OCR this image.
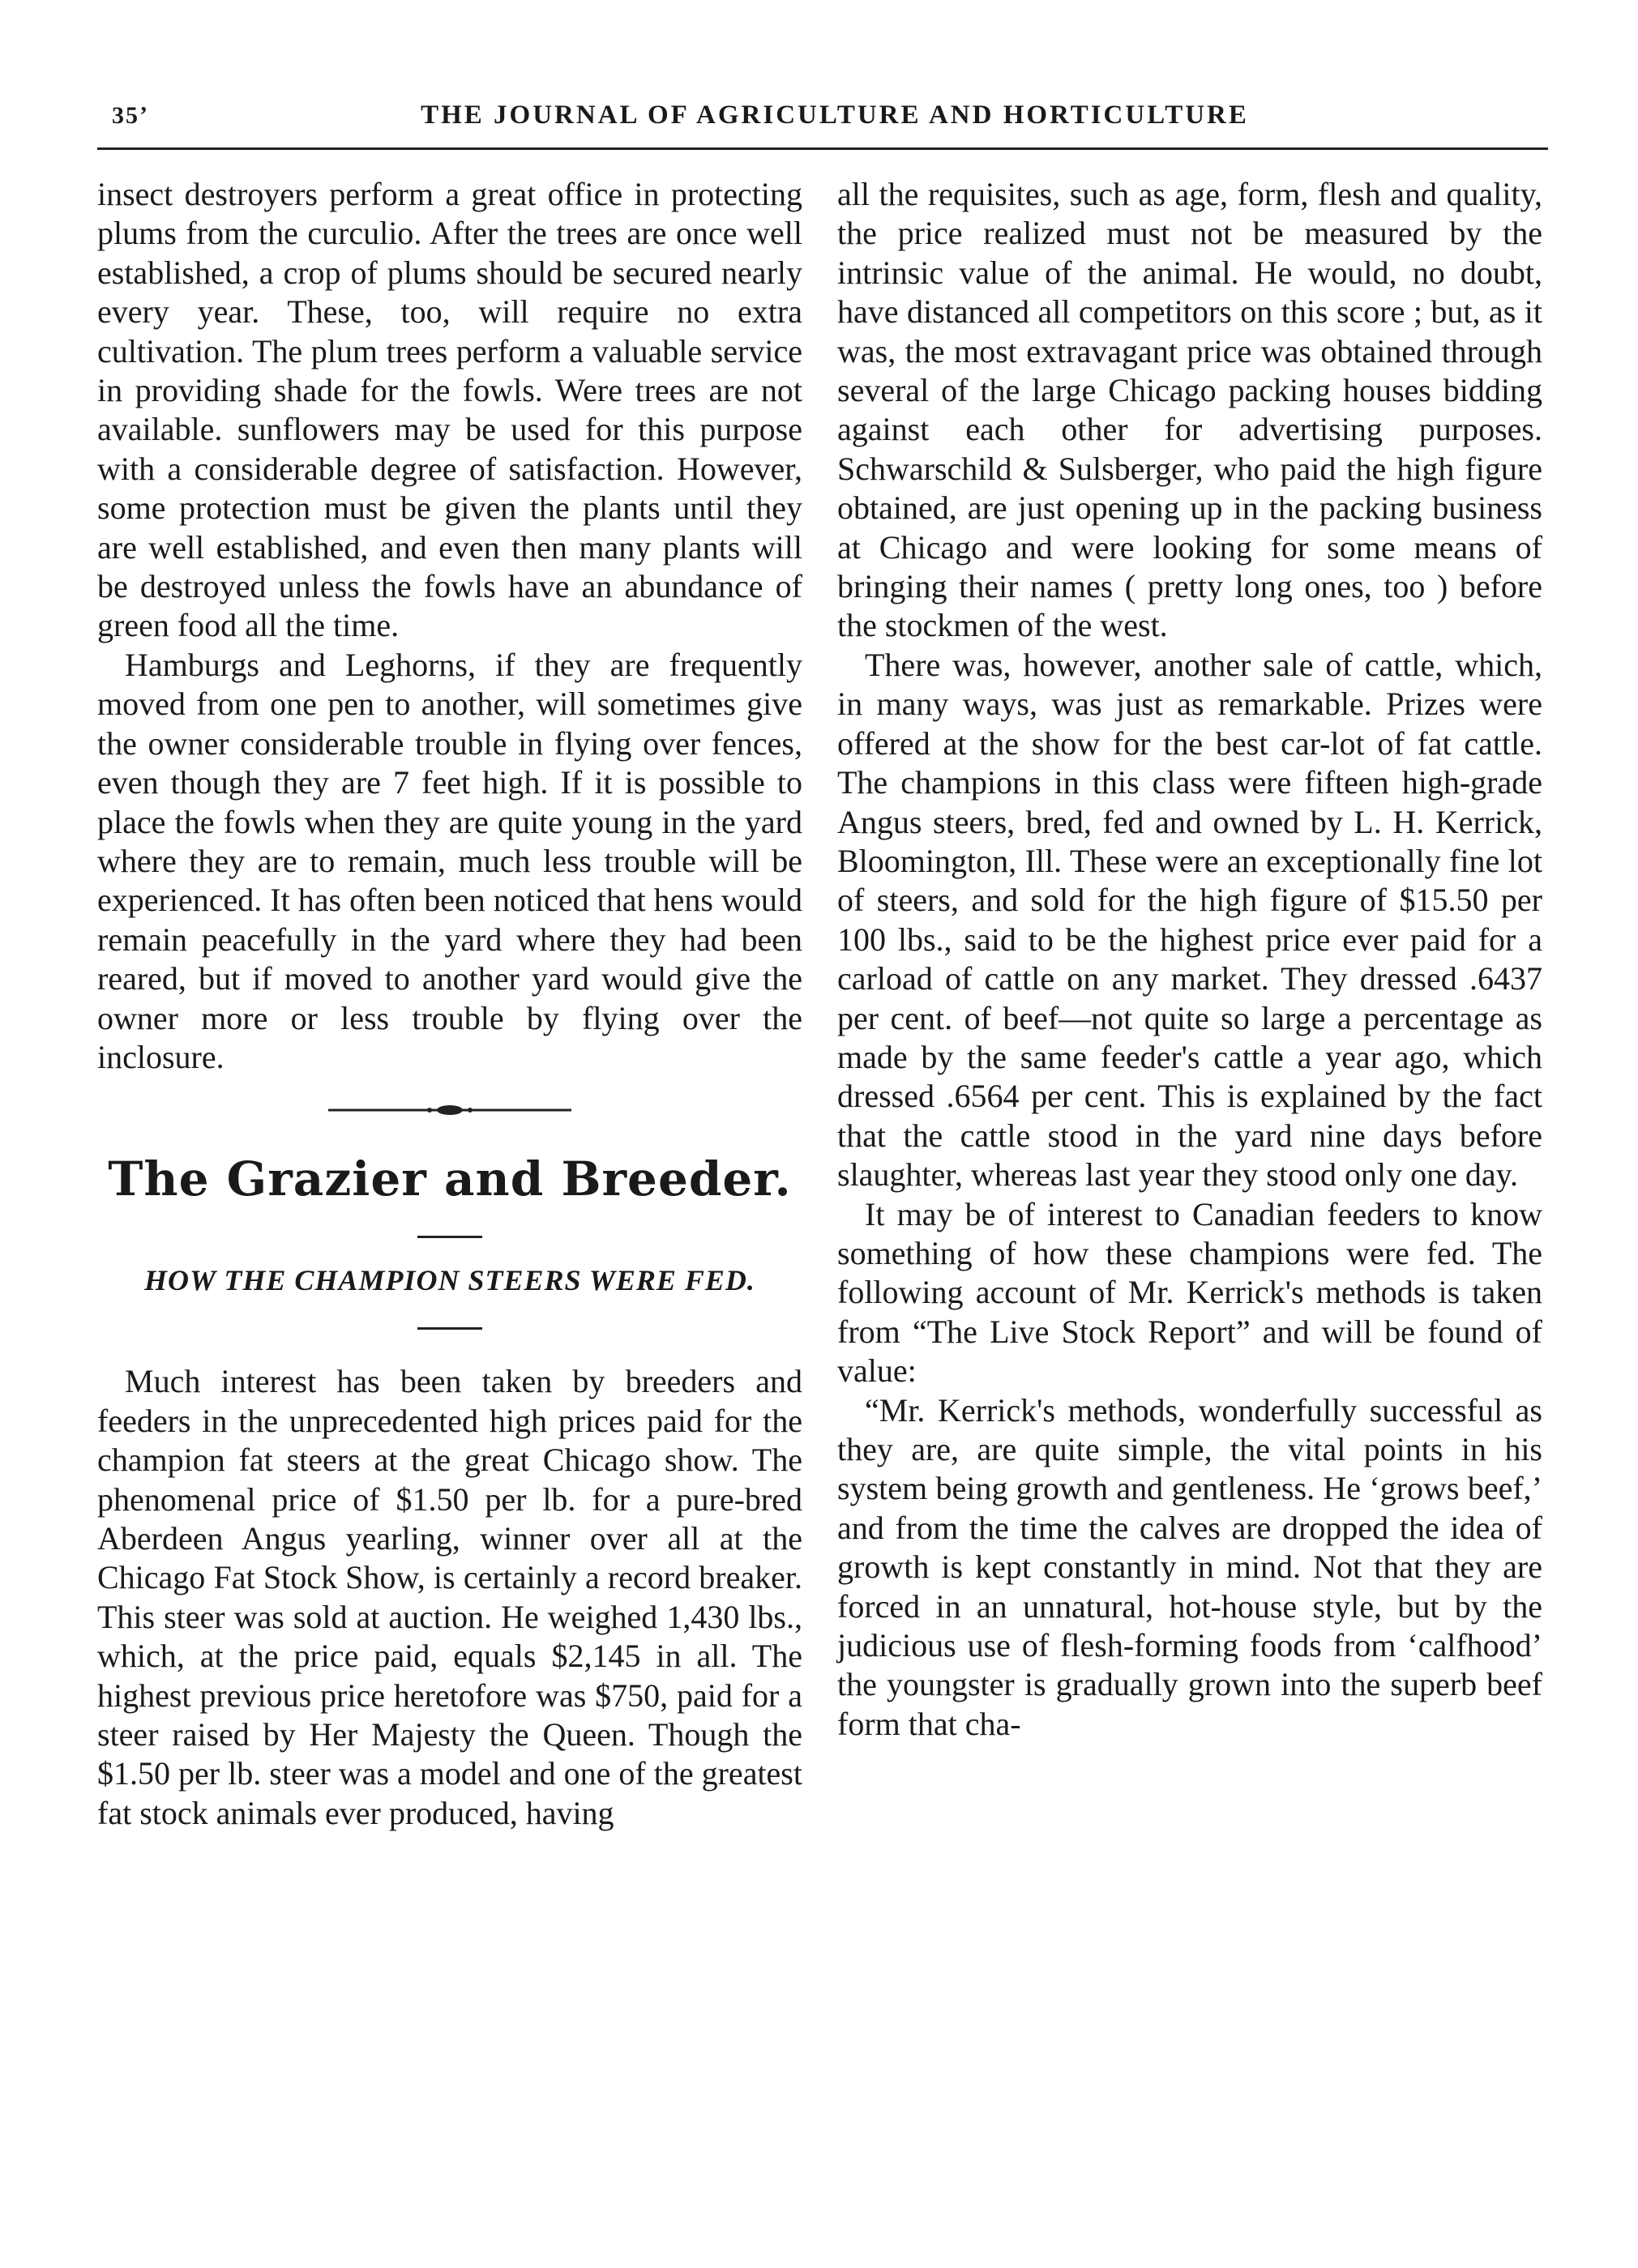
35ʼ	THE JOURNAL OF AGRICULTURE AND HORTICULTURE

insect destroyers perform a great office in protecting plums from the curculio. After the trees are once well established, a crop of plums should be secured nearly every year. These, too, will require no extra cultivation. The plum trees perform a valuable service in providing shade for the fowls. Were trees are not available. sunflowers may be used for this purpose with a considerable degree of satisfaction. However, some protection must be given the plants until they are well established, and even then many plants will be destroyed unless the fowls have an abundance of green food all the time.

Hamburgs and Leghorns, if they are frequently moved from one pen to another, will sometimes give the owner considerable trouble in flying over fences, even though they are 7 feet high. If it is possible to place the fowls when they are quite young in the yard where they are to remain, much less trouble will be experienced. It has often been noticed that hens would remain peacefully in the yard where they had been reared, but if moved to another yard would give the owner more or less trouble by flying over the inclosure.

The Grazier and Breeder.
HOW THE CHAMPION STEERS WERE FED.

Much interest has been taken by breeders and feeders in the unprecedented high prices paid for the champion fat steers at the great Chicago show. The phenomenal price of $1.50 per lb. for a pure-bred Aberdeen Angus yearling, winner over all at the Chicago Fat Stock Show, is certainly a record breaker. This steer was sold at auction. He weighed 1,430 lbs., which, at the price paid, equals $2,145 in all. The highest previous price heretofore was $750, paid for a steer raised by Her Majesty the Queen. Though the $1.50 per lb. steer was a model and one of the greatest fat stock animals ever produced, having

all the requisites, such as age, form, flesh and quality, the price realized must not be measured by the intrinsic value of the animal. He would, no doubt, have distanced all competitors on this score ; but, as it was, the most extravagant price was obtained through several of the large Chicago packing houses bidding against each other for advertising purposes. Schwarschild & Sulsberger, who paid the high figure obtained, are just opening up in the packing business at Chicago and were looking for some means of bringing their names ( pretty long ones, too ) before the stockmen of the west.

There was, however, another sale of cattle, which, in many ways, was just as remarkable. Prizes were offered at the show for the best car-lot of fat cattle. The champions in this class were fifteen high-grade Angus steers, bred, fed and owned by L. H. Kerrick, Bloomington, Ill. These were an exceptionally fine lot of steers, and sold for the high figure of $15.50 per 100 lbs., said to be the highest price ever paid for a carload of cattle on any market. They dressed .6437 per cent. of beef—not quite so large a percentage as made by the same feeder's cattle a year ago, which dressed .6564 per cent. This is explained by the fact that the cattle stood in the yard nine days before slaughter, whereas last year they stood only one day.

It may be of interest to Canadian feeders to know something of how these champions were fed. The following account of Mr. Kerrick's methods is taken from “The Live Stock Report” and will be found of value:

“Mr. Kerrick's methods, wonderfully successful as they are, are quite simple, the vital points in his system being growth and gentleness. He ‘grows beef,’ and from the time the calves are dropped the idea of growth is kept constantly in mind. Not that they are forced in an unnatural, hot-house style, but by the judicious use of flesh-forming foods from ‘calfhood’ the youngster is gradually grown into the superb beef form that cha-
